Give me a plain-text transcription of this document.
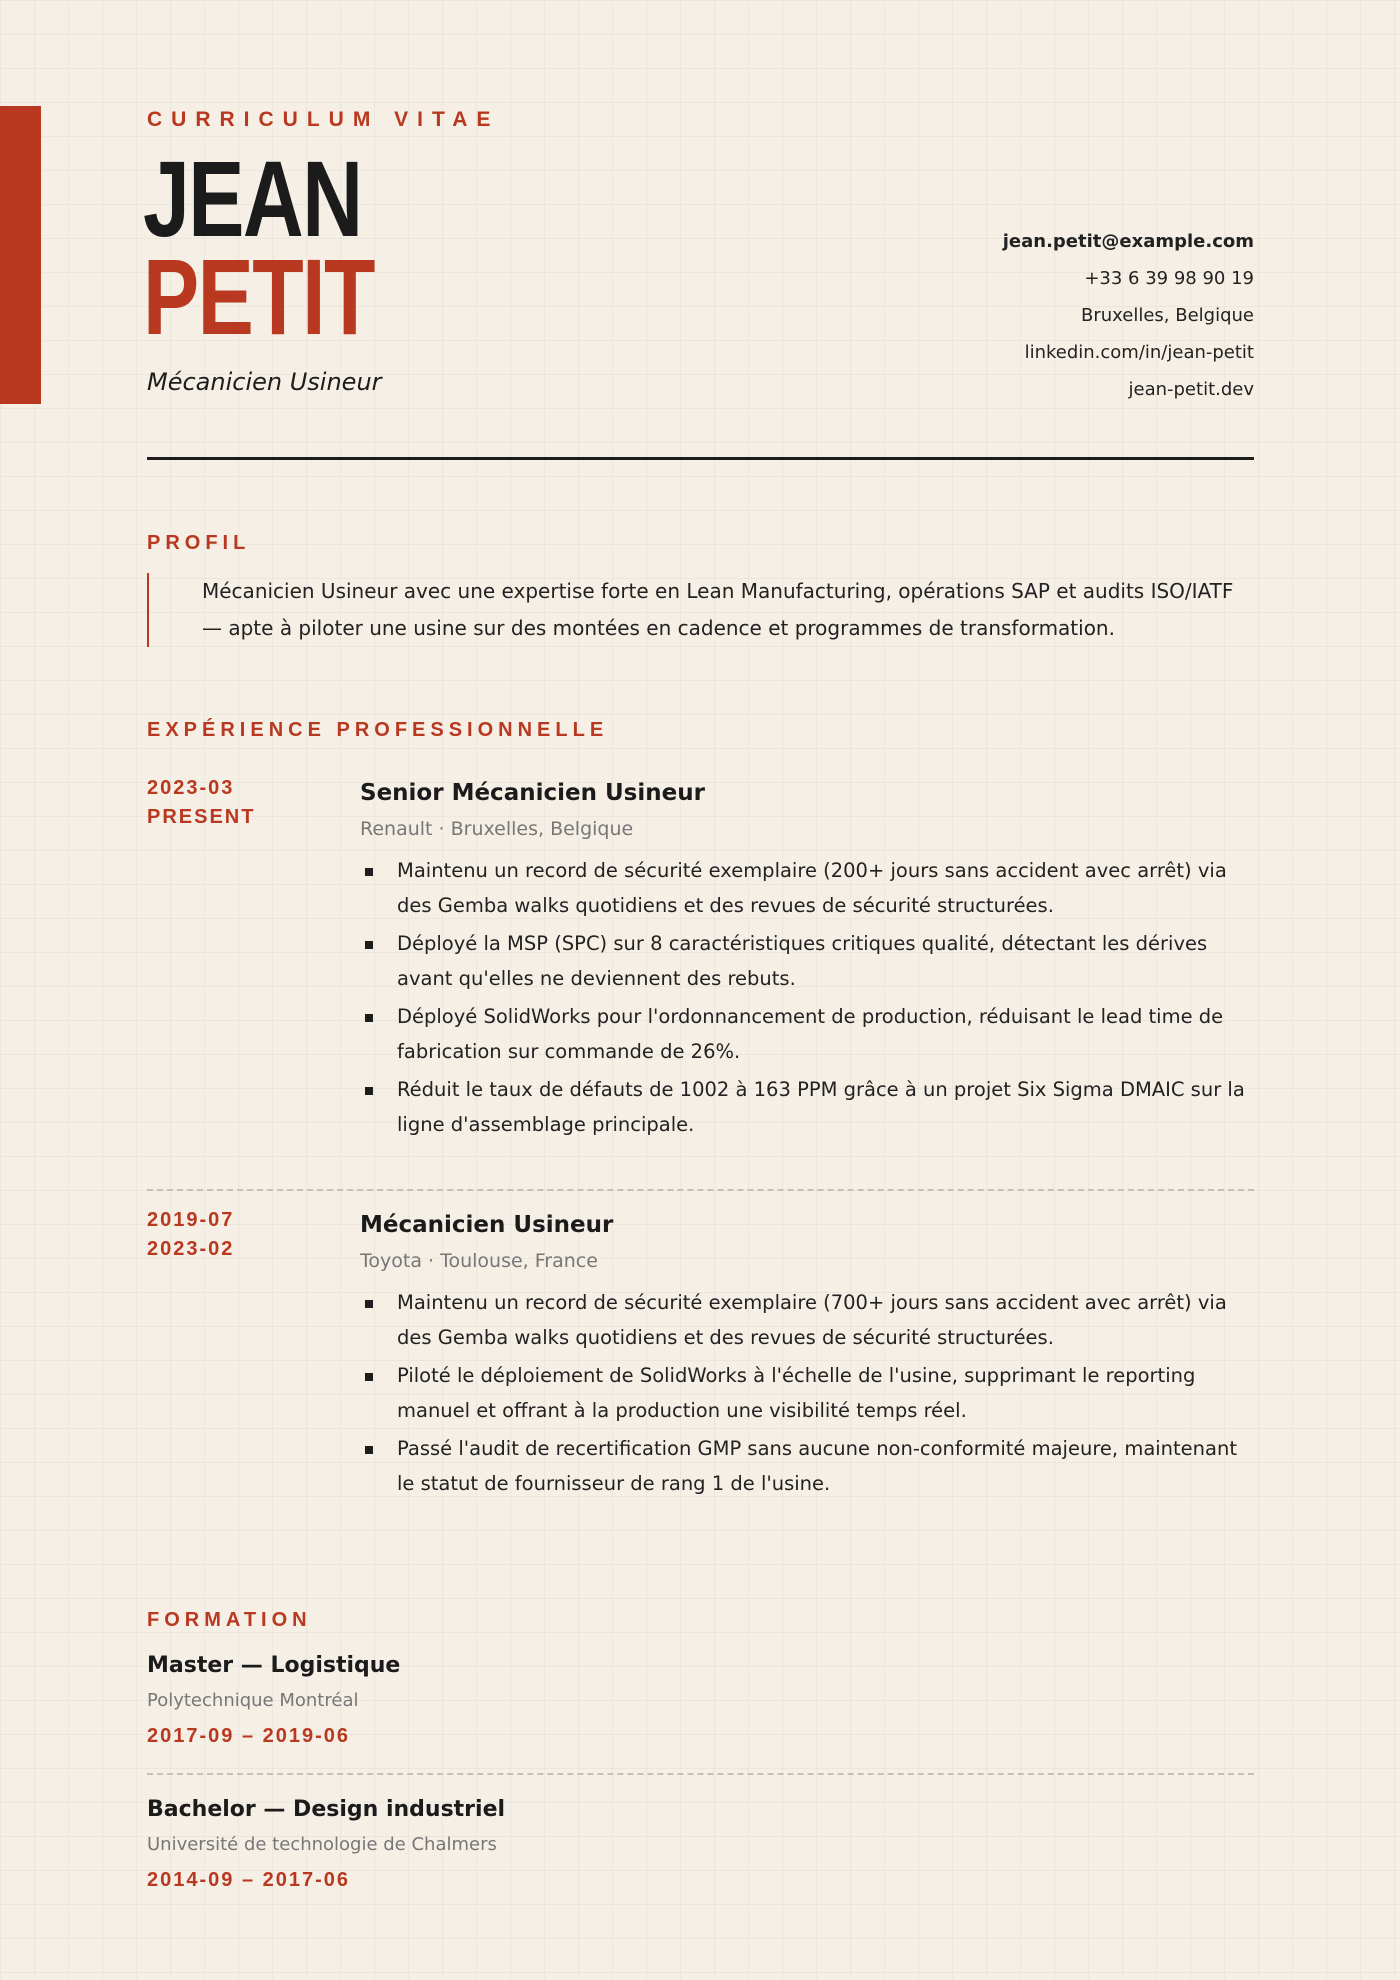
CURRICULUM VITAE
JEAN
PETIT
Mécanicien Usineur
jean.petit@example.com
+33 6 39 98 90 19
Bruxelles, Belgique
linkedin.com/in/jean-petit
jean-petit.dev
PROFIL

Mécanicien Usineur avec une expertise forte en Lean Manufacturing, opérations SAP et audits ISO/IATF — apte à piloter une usine sur des montées en cadence et programmes de transformation.

EXPÉRIENCE PROFESSIONNELLE
2023-03
PRESENT
Senior Mécanicien Usineur
Renault · Bruxelles, Belgique
Maintenu un record de sécurité exemplaire (200+ jours sans accident avec arrêt) via des Gemba walks quotidiens et des revues de sécurité structurées.
Déployé la MSP (SPC) sur 8 caractéristiques critiques qualité, détectant les dérives avant qu'elles ne deviennent des rebuts.
Déployé SolidWorks pour l'ordonnancement de production, réduisant le lead time de fabrication sur commande de 26%.
Réduit le taux de défauts de 1002 à 163 PPM grâce à un projet Six Sigma DMAIC sur la ligne d'assemblage principale.
2019-07
2023-02
Mécanicien Usineur
Toyota · Toulouse, France
Maintenu un record de sécurité exemplaire (700+ jours sans accident avec arrêt) via des Gemba walks quotidiens et des revues de sécurité structurées.
Piloté le déploiement de SolidWorks à l'échelle de l'usine, supprimant le reporting manuel et offrant à la production une visibilité temps réel.
Passé l'audit de recertification GMP sans aucune non-conformité majeure, maintenant le statut de fournisseur de rang 1 de l'usine.
FORMATION
Master — Logistique
Polytechnique Montréal
2017-09 – 2019-06
Bachelor — Design industriel
Université de technologie de Chalmers
2014-09 – 2017-06
